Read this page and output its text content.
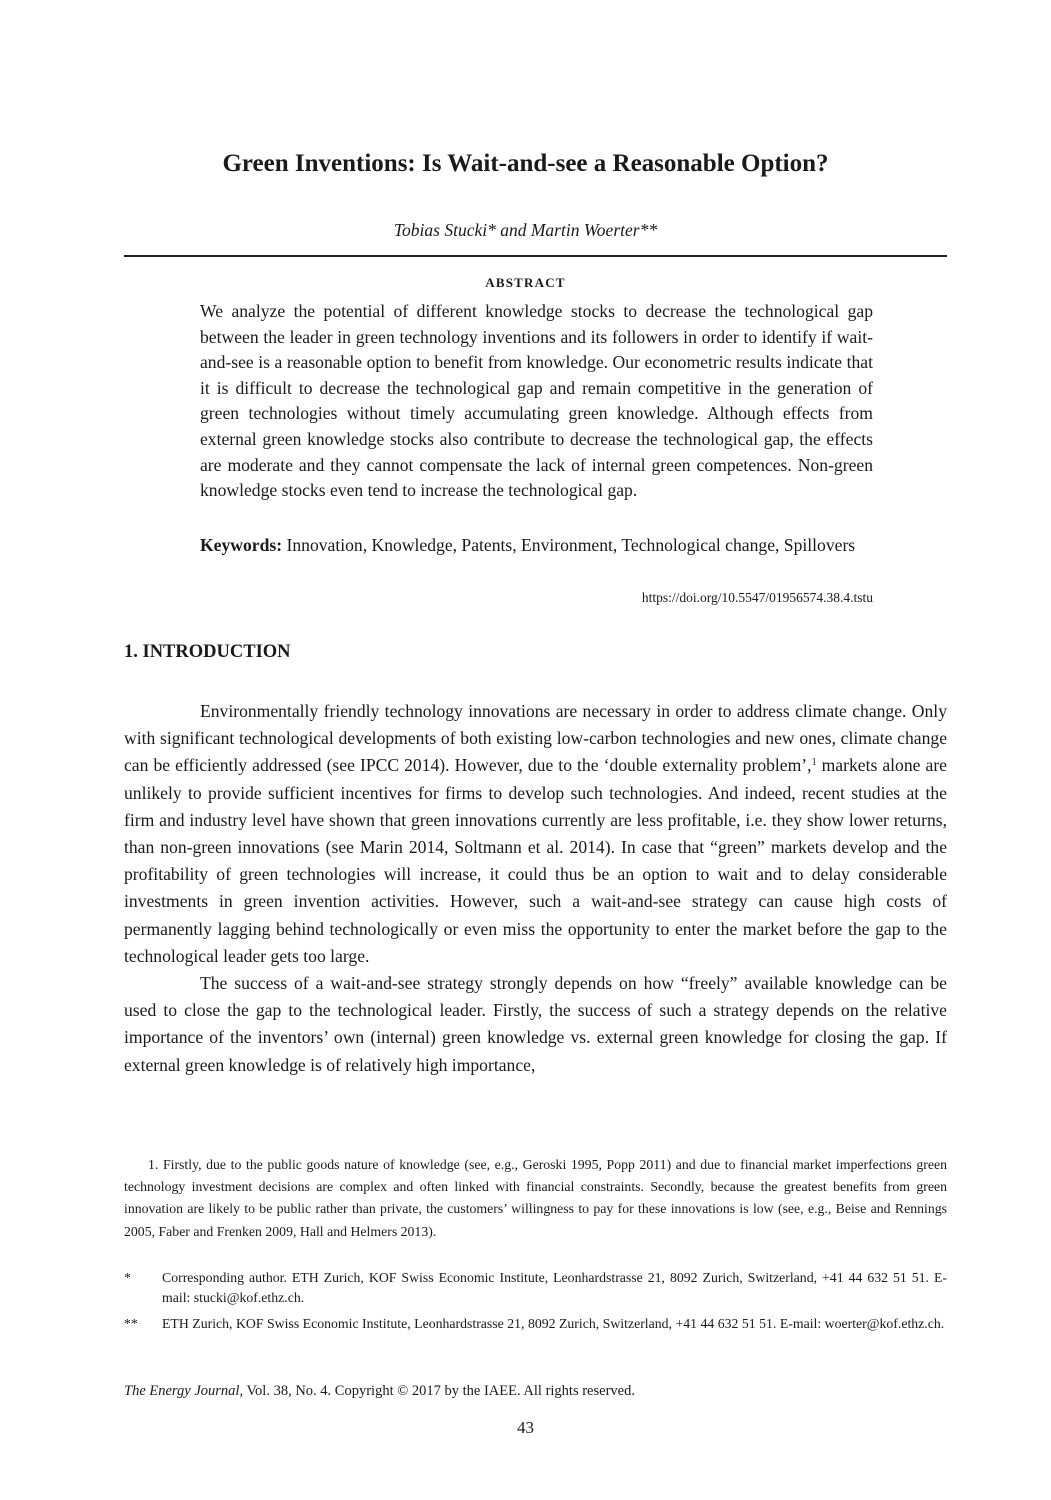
Green Inventions: Is Wait-and-see a Reasonable Option?
Tobias Stucki* and Martin Woerter**
ABSTRACT

We analyze the potential of different knowledge stocks to decrease the technological gap between the leader in green technology inventions and its followers in order to identify if wait-and-see is a reasonable option to benefit from knowledge. Our econometric results indicate that it is difficult to decrease the technological gap and remain competitive in the generation of green technologies without timely accumulating green knowledge. Although effects from external green knowledge stocks also contribute to decrease the technological gap, the effects are moderate and they cannot compensate the lack of internal green competences. Non-green knowledge stocks even tend to increase the technological gap.

Keywords: Innovation, Knowledge, Patents, Environment, Technological change, Spillovers

https://doi.org/10.5547/01956574.38.4.tstu
1. INTRODUCTION

Environmentally friendly technology innovations are necessary in order to address climate change. Only with significant technological developments of both existing low-carbon technologies and new ones, climate change can be efficiently addressed (see IPCC 2014). However, due to the ‘double externality problem’,$^1$ markets alone are unlikely to provide sufficient incentives for firms to develop such technologies. And indeed, recent studies at the firm and industry level have shown that green innovations currently are less profitable, i.e. they show lower returns, than non-green innovations (see Marin 2014, Soltmann et al. 2014). In case that “green” markets develop and the profitability of green technologies will increase, it could thus be an option to wait and to delay considerable investments in green invention activities. However, such a wait-and-see strategy can cause high costs of permanently lagging behind technologically or even miss the opportunity to enter the market before the gap to the technological leader gets too large.

The success of a wait-and-see strategy strongly depends on how “freely” available knowledge can be used to close the gap to the technological leader. Firstly, the success of such a strategy depends on the relative importance of the inventors’ own (internal) green knowledge vs. external green knowledge for closing the gap. If external green knowledge is of relatively high importance,

1. Firstly, due to the public goods nature of knowledge (see, e.g., Geroski 1995, Popp 2011) and due to financial market imperfections green technology investment decisions are complex and often linked with financial constraints. Secondly, because the greatest benefits from green innovation are likely to be public rather than private, the customers’ willingness to pay for these innovations is low (see, e.g., Beise and Rennings 2005, Faber and Frenken 2009, Hall and Helmers 2013).

* Corresponding author. ETH Zurich, KOF Swiss Economic Institute, Leonhardstrasse 21, 8092 Zurich, Switzerland, +41 44 632 51 51. E-mail: stucki@kof.ethz.ch.
** ETH Zurich, KOF Swiss Economic Institute, Leonhardstrasse 21, 8092 Zurich, Switzerland, +41 44 632 51 51. E-mail: woerter@kof.ethz.ch.
The Energy Journal, Vol. 38, No. 4. Copyright © 2017 by the IAEE. All rights reserved.
43
